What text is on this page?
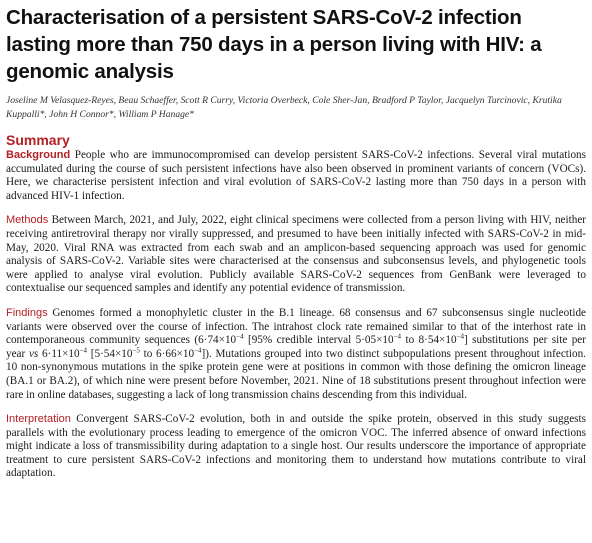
Characterisation of a persistent SARS-CoV-2 infection lasting more than 750 days in a person living with HIV: a genomic analysis

Joseline M Velasquez-Reyes, Beau Schaeffer, Scott R Curry, Victoria Overbeck, Cole Sher-Jan, Bradford P Taylor, Jacquelyn Turcinovic, Krutika Kuppalli*, John H Connor*, William P Hanage*

Summary

Background People who are immunocompromised can develop persistent SARS-CoV-2 infections. Several viral mutations accumulated during the course of such persistent infections have also been observed in prominent variants of concern (VOCs). Here, we characterise persistent infection and viral evolution of SARS-CoV-2 lasting more than 750 days in a person with advanced HIV-1 infection.

Methods Between March, 2021, and July, 2022, eight clinical specimens were collected from a person living with HIV, neither receiving antiretroviral therapy nor virally suppressed, and presumed to have been initially infected with SARS-CoV-2 in mid-May, 2020. Viral RNA was extracted from each swab and an amplicon-based sequencing approach was used for genomic analysis of SARS-CoV-2. Variable sites were characterised at the consensus and subconsensus levels, and phylogenetic tools were applied to analyse viral evolution. Publicly available SARS-CoV-2 sequences from GenBank were leveraged to contextualise our sequenced samples and identify any potential evidence of transmission.

Findings Genomes formed a monophyletic cluster in the B.1 lineage. 68 consensus and 67 subconsensus single nucleotide variants were observed over the course of infection. The intrahost clock rate remained similar to that of the interhost rate in contemporaneous community sequences ($6\cdot 74\times 10^{-4}$ [95% credible interval $5\cdot 05\times 10^{-4}$ to $8\cdot 54\times 10^{-4}$] substitutions per site per year vs $6\cdot 11\times 10^{-4}$ [$5\cdot 54\times 10^{-5}$ to $6\cdot 66\times 10^{-4}$]). Mutations grouped into two distinct subpopulations present throughout infection. 10 non-synonymous mutations in the spike protein gene were at positions in common with those defining the omicron lineage (BA.1 or BA.2), of which nine were present before November, 2021. Nine of 18 substitutions present throughout infection were rare in online databases, suggesting a lack of long transmission chains descending from this individual.

Interpretation Convergent SARS-CoV-2 evolution, both in and outside the spike protein, observed in this study suggests parallels with the evolutionary process leading to emergence of the omicron VOC. The inferred absence of onward infections might indicate a loss of transmissibility during adaptation to a single host. Our results underscore the importance of appropriate treatment to cure persistent SARS-CoV-2 infections and monitoring them to understand how mutations contribute to viral adaptation.
